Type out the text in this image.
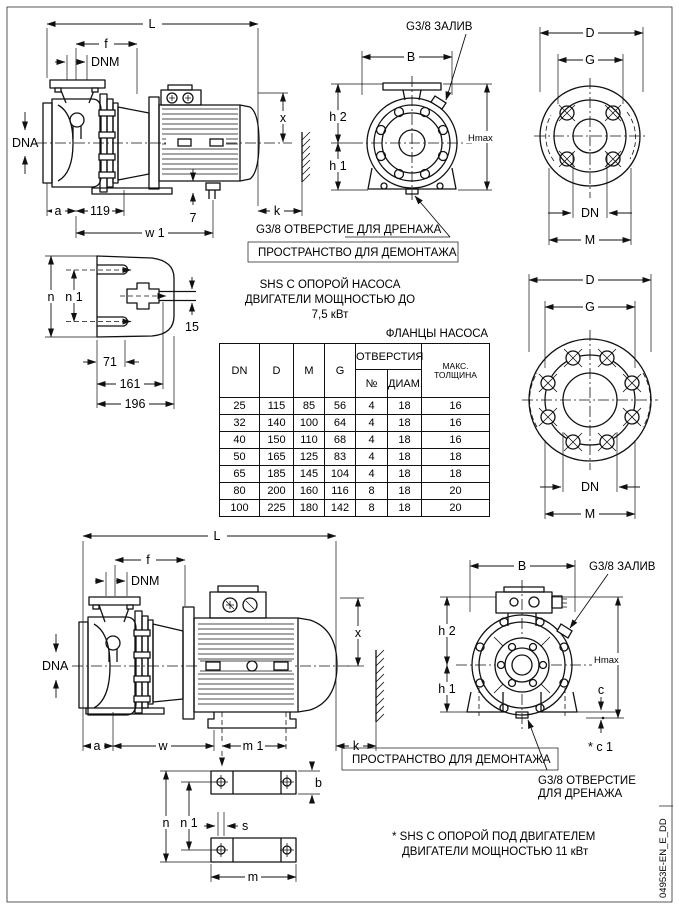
L
f
DNM
DNA
x
k
a 119	7
w 1
G3/8 ЗАЛИВ
B
h 2
h 1
Hmax
G3/8 ОТВЕРСТИЕ ДЛЯ ДРЕНАЖА
ПРОСТРАНСТВО ДЛЯ ДЕМОНТАЖА
D
G
DN
M
n n 1
15
71
161
196
SHS С ОПОРОЙ НАСОСА
ДВИГАТЕЛИ МОЩНОСТЬЮ ДО
7,5 кВт
ФЛАНЦЫ НАСОСА
D
G
DN
M
L
f
DNM
DNA
x
k
a	w	m 1
ПРОСТРАНСТВО ДЛЯ ДЕМОНТАЖА
b
n n 1	s
m
B	G3/8 ЗАЛИВ
h 2
h 1
Hmax
c
* c 1
G3/8 ОТВЕРСТИЕ
ДЛЯ ДРЕНАЖА
* SHS С ОПОРОЙ ПОД ДВИГАТЕЛЕМ
ДВИГАТЕЛИ МОЩНОСТЬЮ 11 кВт	04953E-EN_E_DD
DN	D	M	G	ОТВЕРСТИЯ		МАКС.
ТОЛЩИНА

				№	ДИАМ.	
25	115	85	56	4	18	16
32	140	100	64	4	18	16
40	150	110	68	4	18	16
50	165	125	83	4	18	18
65	185	145	104	4	18	18
80	200	160	116	8	18	20
100	225	180	142	8	18	20
